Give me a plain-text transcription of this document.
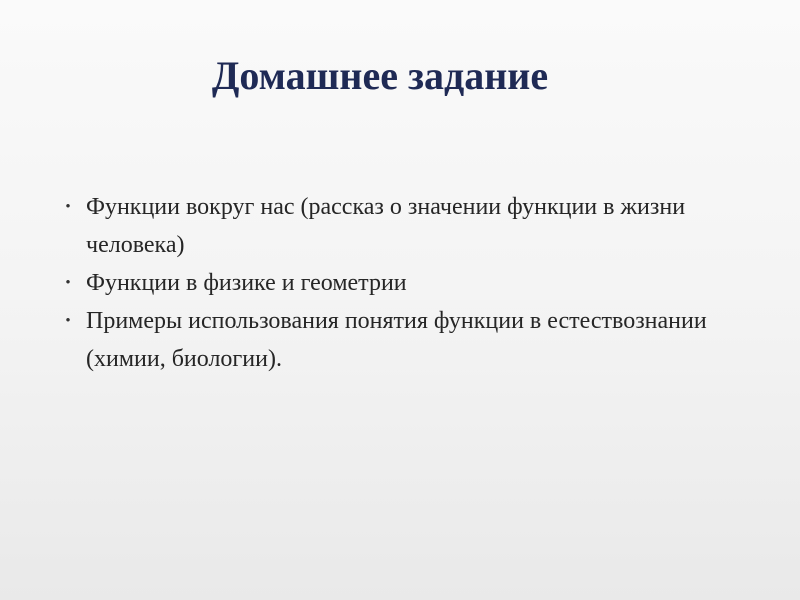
Домашнее задание
• Функции вокруг нас (рассказ о значении функции в жизни человека)
• Функции в физике и геометрии
• Примеры использования понятия функции в естествознании (химии, биологии).
